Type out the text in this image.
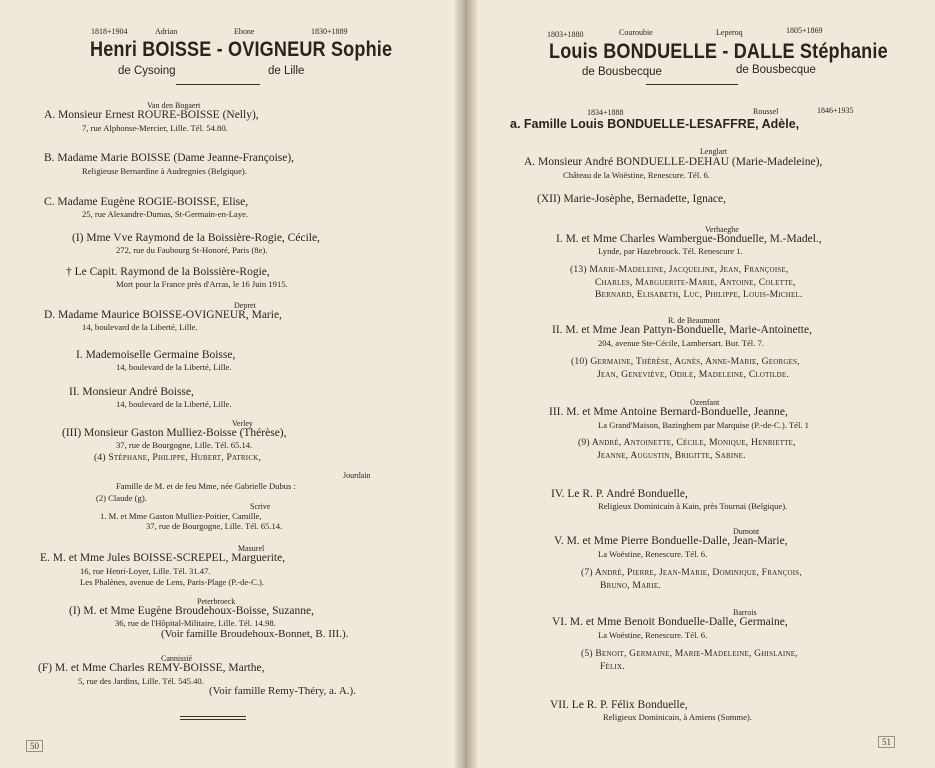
1818+1904	Adrian	Ebone	1830+1889
Henri BOISSE - OVIGNEUR Sophie
de Cysoing	de Lille
Van den Bogaert
A. Monsieur Ernest ROURE-BOISSE (Nelly),
7, rue Alphonse-Mercier, Lille. Tél. 54.80.
B. Madame Marie BOISSE (Dame Jeanne-Françoise),
Religieuse Bernardine à Audregnies (Belgique).
C. Madame Eugène ROGIE-BOISSE, Elise,
25, rue Alexandre-Dumas, St-Germain-en-Laye.
(I) Mme Vve Raymond de la Boissière-Rogie, Cécile,
272, rue du Faubourg St-Honoré, Paris (8e).
† Le Capit. Raymond de la Boissière-Rogie,
Mort pour la France près d'Arras, le 16 Juin 1915.
Depret
D. Madame Maurice BOISSE-OVIGNEUR, Marie,
14, boulevard de la Liberté, Lille.
I. Mademoiselle Germaine Boisse,
14, boulevard de la Liberté, Lille.
II. Monsieur André Boisse,
14, boulevard de la Liberté, Lille.
Verley
(III) Monsieur Gaston Mulliez-Boisse (Thérèse),
37, rue de Bourgogne, Lille. Tél. 65.14.
(4) Stéphane, Philippe, Hubert, Patrick,
Jourdain
Famille de M. et de feu Mme, née Gabrielle Dubus :
(2) Claude (g).
Scrive
1. M. et Mme Gaston Mulliez-Poitier, Camille,
37, rue de Bourgogne, Lille. Tél. 65.14.
Masurel
E. M. et Mme Jules BOISSE-SCREPEL, Marguerite,
16, rue Henri-Loyer, Lille. Tél. 31.47.
Les Phalènes, avenue de Lens, Paris-Plage (P.-de-C.).
Peterbroeck
(I) M. et Mme Eugène Broudehoux-Boisse, Suzanne,
36, rue de l'Hôpital-Militaire, Lille. Tél. 14.98.
(Voir famille Broudehoux-Bonnet, B. III.).
Cannissié
(F) M. et Mme Charles REMY-BOISSE, Marthe,
5, rue des Jardins, Lille. Tél. 545.40.
(Voir famille Remy-Théry, a. A.).
50
1803+1880	Couroubie	Leperoq	1805+1869
Louis BONDUELLE - DALLE Stéphanie
de Bousbecque	de Bousbecque
1834+1888	Roussel	1846+1935
a. Famille Louis BONDUELLE-LESAFFRE, Adèle,
Lenglart
A. Monsieur André BONDUELLE-DEHAU (Marie-Madeleine),
Château de la Woëstine, Renescure. Tél. 6.
(XII) Marie-Josèphe, Bernadette, Ignace,
Verhaeghe
I. M. et Mme Charles Wambergue-Bonduelle, M.-Madel.,
Lynde, par Hazebrouck. Tél. Renescure 1.
(13) Marie-Madeleine, Jacqueline, Jean, Françoise,
Charles, Marguerite-Marie, Antoine, Colette,
Bernard, Elisabeth, Luc, Philippe, Louis-Michel.
R. de Beaumont
II. M. et Mme Jean Pattyn-Bonduelle, Marie-Antoinette,
204, avenue Ste-Cécile, Lambersart. Bur. Tél. 7.
(10) Germaine, Thérèse, Agnès, Anne-Marie, Georges,
Jean, Geneviève, Odile, Madeleine, Clotilde.
Ozenfant
III. M. et Mme Antoine Bernard-Bonduelle, Jeanne,
La Grand'Maison, Bazinghem par Marquise (P.-de-C.). Tél. 1
(9) André, Antoinette, Cécile, Monique, Henriette,
Jeanne, Augustin, Brigitte, Sabine.
IV. Le R. P. André Bonduelle,
Religieux Dominicain à Kain, près Tournai (Belgique).
Dumont
V. M. et Mme Pierre Bonduelle-Dalle, Jean-Marie,
La Woëstine, Renescure. Tél. 6.
(7) André, Pierre, Jean-Marie, Dominique, François,
Bruno, Marie.
Barrois
VI. M. et Mme Benoit Bonduelle-Dalle, Germaine,
La Woëstine, Renescure. Tél. 6.
(5) Benoit, Germaine, Marie-Madeleine, Ghislaine,
Félix.
VII. Le R. P. Félix Bonduelle,
Religieux Dominicain, à Amiens (Somme).
51
